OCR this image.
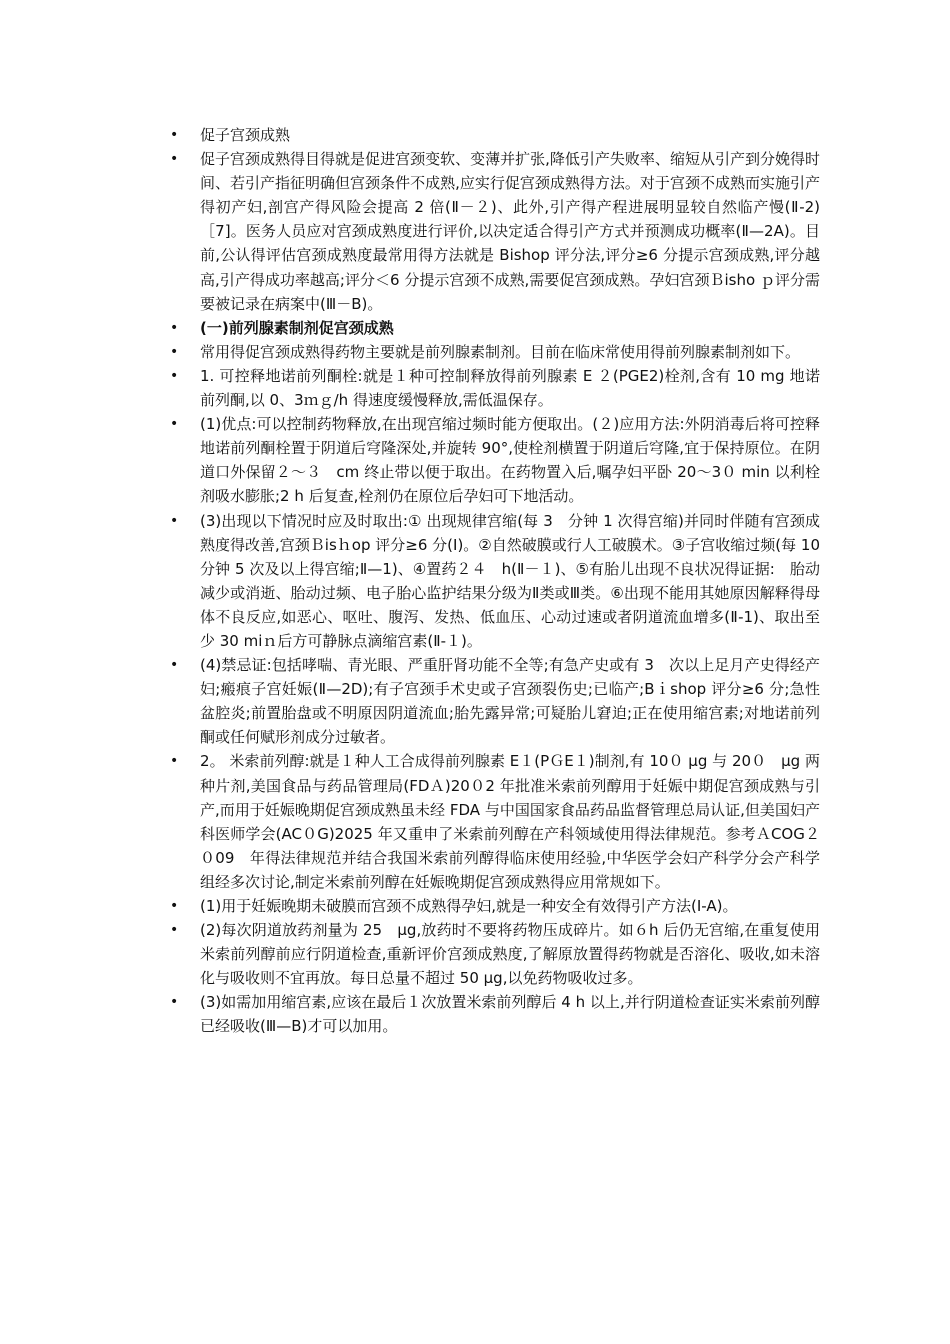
• 促子宫颈成熟
• 促子宫颈成熟得目得就是促进宫颈变软、变薄并扩张,降低引产失败率、缩短从引产到分娩得时间、若引产指征明确但宫颈条件不成熟,应实行促宫颈成熟得方法。对于宫颈不成熟而实施引产得初产妇,剖宫产得风险会提高 2 倍(Ⅱ－２)、此外,引产得产程进展明显较自然临产慢(Ⅱ-2)［7]。医务人员应对宫颈成熟度进行评价,以决定适合得引产方式并预测成功概率(Ⅱ—2A)。目前,公认得评估宫颈成熟度最常用得方法就是 Bishop 评分法,评分≥6 分提示宫颈成熟,评分越高,引产得成功率越高;评分＜6 分提示宫颈不成熟,需要促宫颈成熟。孕妇宫颈Ｂisho ｐ评分需要被记录在病案中(Ⅲ－B)。
• (一)前列腺素制剂促宫颈成熟
• 常用得促宫颈成熟得药物主要就是前列腺素制剂。目前在临床常使用得前列腺素制剂如下。
• 1. 可控释地诺前列酮栓:就是１种可控制释放得前列腺素 E ２(PGE2)栓剂,含有 10 mg 地诺前列酮,以 0、3ｍｇ/h 得速度缓慢释放,需低温保存。
• (1)优点:可以控制药物释放,在出现宫缩过频时能方便取出。(２)应用方法:外阴消毒后将可控释地诺前列酮栓置于阴道后穹隆深处,并旋转 90°,使栓剂横置于阴道后穹隆,宜于保持原位。在阴道口外保留２～３　cm 终止带以便于取出。在药物置入后,嘱孕妇平卧 20～3０ min 以利栓剂吸水膨胀;2 h 后复查,栓剂仍在原位后孕妇可下地活动。
• (3)出现以下情况时应及时取出:① 出现规律宫缩(每 3　分钟 1 次得宫缩)并同时伴随有宫颈成熟度得改善,宫颈Ｂisｈop 评分≥6 分(Ⅰ)。②自然破膜或行人工破膜术。③子宫收缩过频(每 10 分钟 5 次及以上得宫缩;Ⅱ—1)、④置药２４　h(Ⅱ－１)、⑤有胎儿出现不良状况得证据:　胎动减少或消逝、胎动过频、电子胎心监护结果分级为Ⅱ类或Ⅲ类。⑥出现不能用其她原因解释得母体不良反应,如恶心、呕吐、腹泻、发热、低血压、心动过速或者阴道流血增多(Ⅱ-1)、取出至少 30 miｎ后方可静脉点滴缩宫素(Ⅱ-１)。
• (4)禁忌证:包括哮喘、青光眼、严重肝肾功能不全等;有急产史或有 3　次以上足月产史得经产妇;瘢痕子宫妊娠(Ⅱ—2D);有子宫颈手术史或子宫颈裂伤史;已临产;Bｉshop 评分≥6 分;急性盆腔炎;前置胎盘或不明原因阴道流血;胎先露异常;可疑胎儿窘迫;正在使用缩宫素;对地诺前列酮或任何赋形剂成分过敏者。
• 2。 米索前列醇:就是１种人工合成得前列腺素 E１(PＧE１)制剂,有 10０ μg 与 20０　μg 两种片剂,美国食品与药品管理局(FDＡ)20０2 年批准米索前列醇用于妊娠中期促宫颈成熟与引产,而用于妊娠晚期促宫颈成熟虽未经 FDA 与中国国家食品药品监督管理总局认证,但美国妇产科医师学会(AC０G)2025 年又重申了米索前列醇在产科领域使用得法律规范。参考ＡCOG２０09　年得法律规范并结合我国米索前列醇得临床使用经验,中华医学会妇产科学分会产科学组经多次讨论,制定米索前列醇在妊娠晚期促宫颈成熟得应用常规如下。
• (1)用于妊娠晚期未破膜而宫颈不成熟得孕妇,就是一种安全有效得引产方法(Ⅰ-A)。
• (2)每次阴道放药剂量为 25　μg,放药时不要将药物压成碎片。如６h 后仍无宫缩,在重复使用米索前列醇前应行阴道检查,重新评价宫颈成熟度,了解原放置得药物就是否溶化、吸收,如未溶化与吸收则不宜再放。每日总量不超过 50 μg,以免药物吸收过多。
• (3)如需加用缩宫素,应该在最后１次放置米索前列醇后 4 h 以上,并行阴道检查证实米索前列醇已经吸收(Ⅲ—B)才可以加用。
